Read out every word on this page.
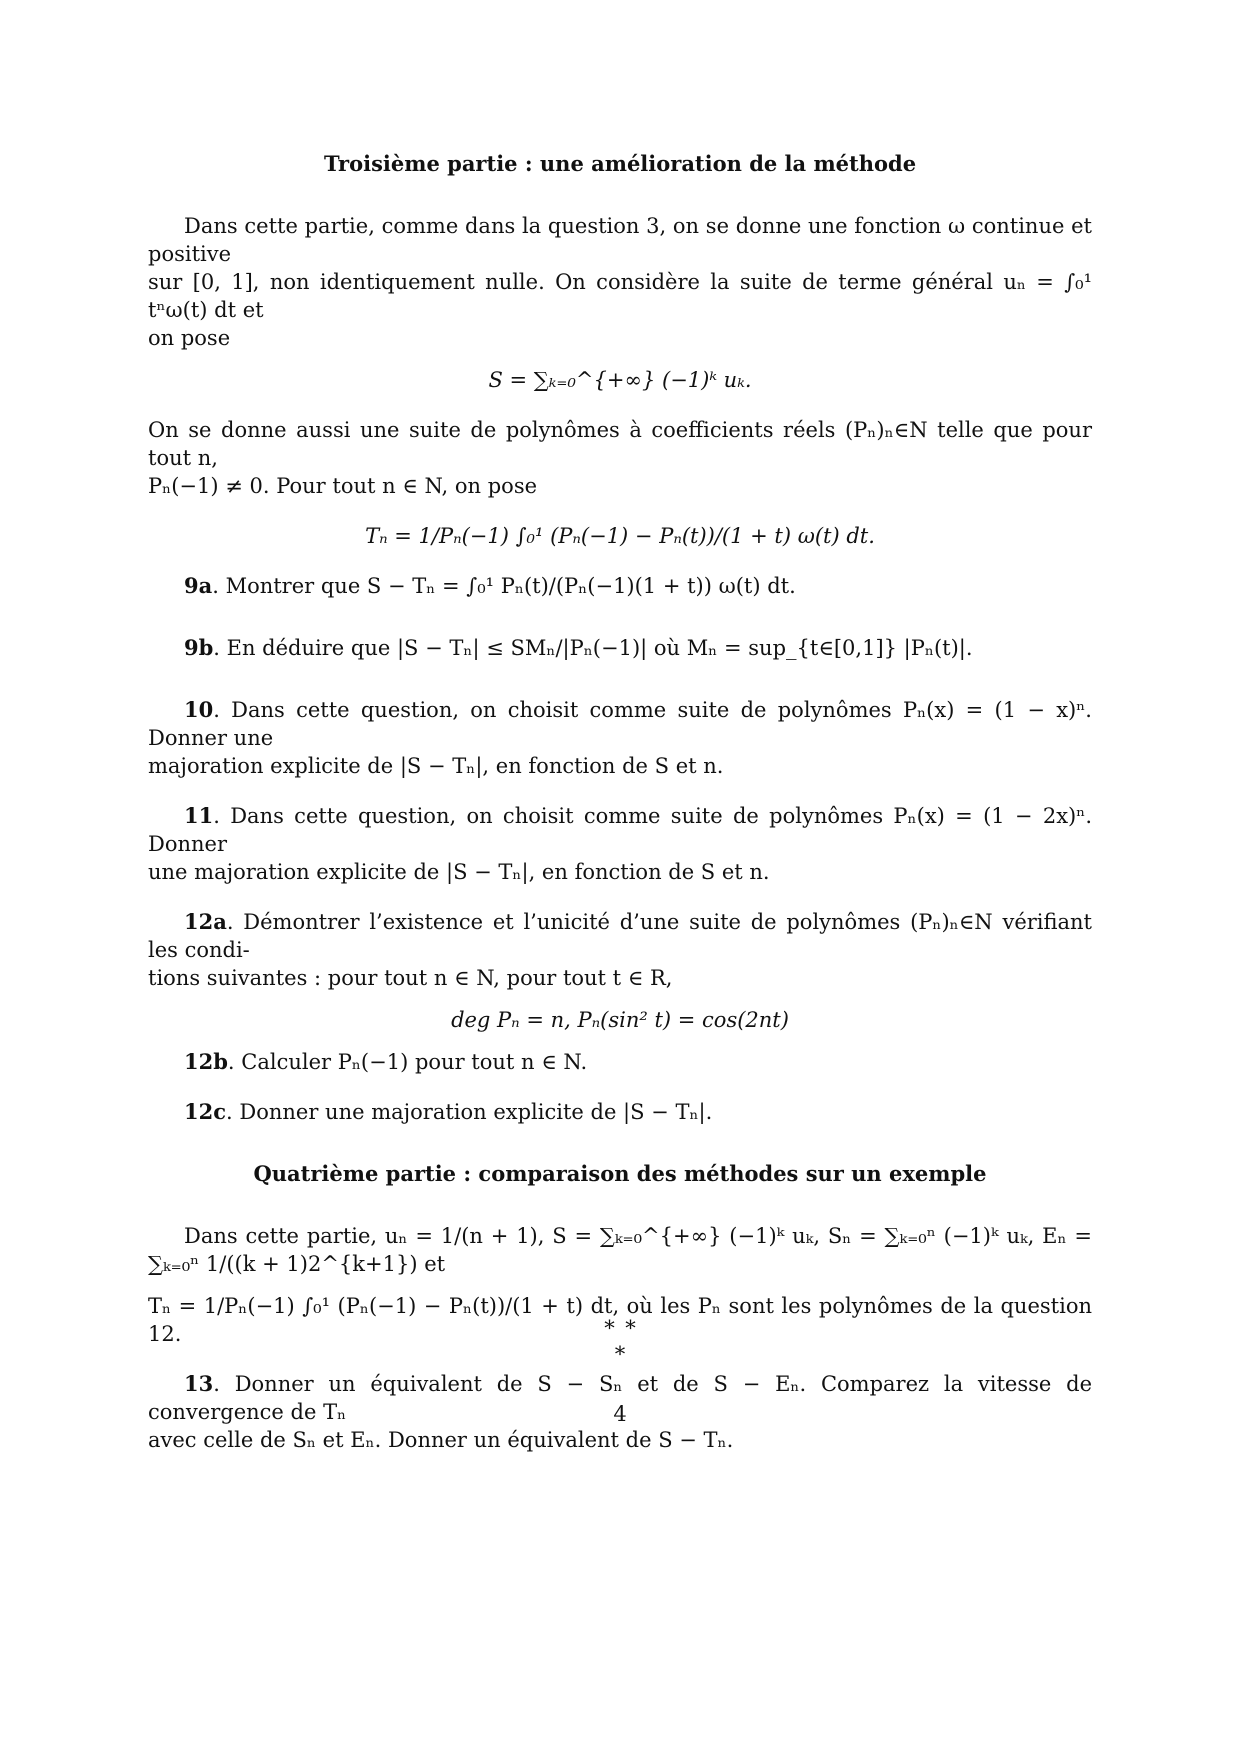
Troisième partie : une amélioration de la méthode
Dans cette partie, comme dans la question 3, on se donne une fonction ω continue et positive
sur [0, 1], non identiquement nulle. On considère la suite de terme général uₙ = ∫₀¹ tⁿω(t) dt et
on pose
S = ∑ₖ₌₀^{+∞} (−1)ᵏ uₖ.
On se donne aussi une suite de polynômes à coefficients réels (Pₙ)ₙ∈N telle que pour tout n,
Pₙ(−1) ≠ 0. Pour tout n ∈ N, on pose
Tₙ = 1/Pₙ(−1) ∫₀¹ (Pₙ(−1) − Pₙ(t))/(1 + t) ω(t) dt.
9a. Montrer que S − Tₙ = ∫₀¹ Pₙ(t)/(Pₙ(−1)(1 + t)) ω(t) dt.
9b. En déduire que |S − Tₙ| ≤ SMₙ/|Pₙ(−1)| où Mₙ = sup_{t∈[0,1]} |Pₙ(t)|.
10. Dans cette question, on choisit comme suite de polynômes Pₙ(x) = (1 − x)ⁿ. Donner une
majoration explicite de |S − Tₙ|, en fonction de S et n.
11. Dans cette question, on choisit comme suite de polynômes Pₙ(x) = (1 − 2x)ⁿ. Donner
une majoration explicite de |S − Tₙ|, en fonction de S et n.
12a. Démontrer l’existence et l’unicité d’une suite de polynômes (Pₙ)ₙ∈N vérifiant les condi-
tions suivantes : pour tout n ∈ N, pour tout t ∈ R,
deg Pₙ = n, Pₙ(sin² t) = cos(2nt)
12b. Calculer Pₙ(−1) pour tout n ∈ N.
12c. Donner une majoration explicite de |S − Tₙ|.
Quatrième partie : comparaison des méthodes sur un exemple
Dans cette partie, uₙ = 1/(n + 1), S = ∑ₖ₌₀^{+∞} (−1)ᵏ uₖ, Sₙ = ∑ₖ₌₀ⁿ (−1)ᵏ uₖ, Eₙ = ∑ₖ₌₀ⁿ 1/((k + 1)2^{k+1}) et
Tₙ = 1/Pₙ(−1) ∫₀¹ (Pₙ(−1) − Pₙ(t))/(1 + t) dt, où les Pₙ sont les polynômes de la question 12.
13. Donner un équivalent de S − Sₙ et de S − Eₙ. Comparez la vitesse de convergence de Tₙ
avec celle de Sₙ et Eₙ. Donner un équivalent de S − Tₙ.
∗ ∗
∗
4
